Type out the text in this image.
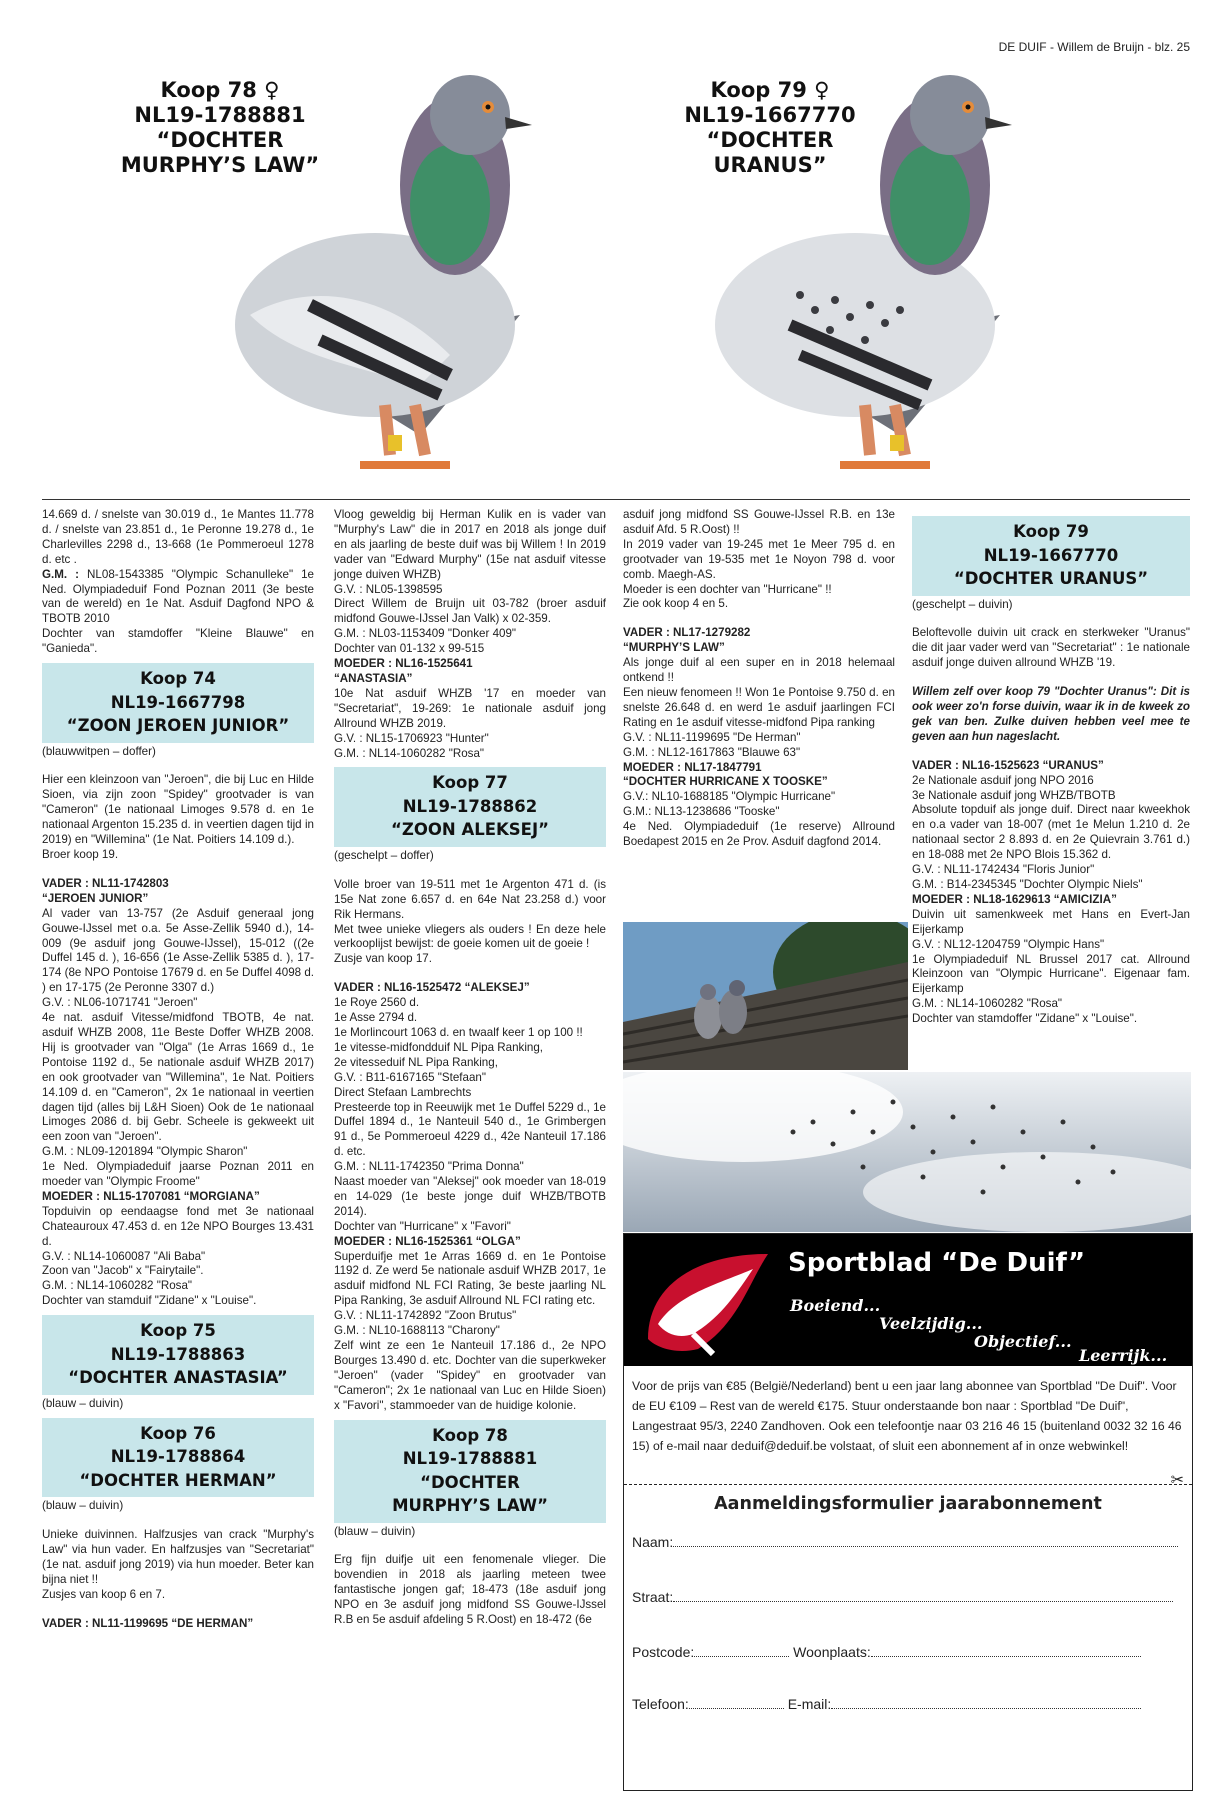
DE DUIF - Willem de Bruijn - blz. 25
Koop 78 ♀
NL19-1788881
“DOCHTER
MURPHY’S LAW”
Koop 79 ♀
NL19-1667770
“DOCHTER
URANUS”

14.669 d. / snelste van 30.019 d., 1e Mantes 11.778 d. / snelste van 23.851 d., 1e Peronne 19.278 d., 1e Charlevilles 2298 d., 13-668 (1e Pommeroeul 1278 d. etc .

G.M. : NL08-1543385 "Olympic Schanulleke" 1e Ned. Olympiadeduif Fond Poznan 2011 (3e beste van de wereld) en 1e Nat. Asduif Dagfond NPO & TBOTB 2010

Dochter van stamdoffer "Kleine Blauwe" en "Ganieda".

Koop 74
NL19-1667798
“ZOON JEROEN JUNIOR”

(blauwwitpen – doffer)

Hier een kleinzoon van "Jeroen", die bij Luc en Hilde Sioen, via zijn zoon "Spidey" grootvader is van "Cameron" (1e nationaal Limoges 9.578 d. en 1e nationaal Argenton 15.235 d. in veertien dagen tijd in 2019) en "Willemina" (1e Nat. Poitiers 14.109 d.).

Broer koop 19.

VADER : NL11-1742803

“JEROEN JUNIOR”

Al vader van 13-757 (2e Asduif generaal jong Gouwe-IJssel met o.a. 5e Asse-Zellik 5940 d.), 14-009 (9e asduif jong Gouwe-IJssel), 15-012 ((2e Duffel 145 d. ), 16-656 (1e Asse-Zellik 5385 d. ), 17-174 (8e NPO Pontoise 17679 d. en 5e Duffel 4098 d. ) en 17-175 (2e Peronne 3307 d.)

G.V. : NL06-1071741 "Jeroen"

4e nat. asduif Vitesse/midfond TBOTB, 4e nat. asduif WHZB 2008, 11e Beste Doffer WHZB 2008. Hij is grootvader van "Olga" (1e Arras 1669 d., 1e Pontoise 1192 d., 5e nationale asduif WHZB 2017) en ook grootvader van "Willemina", 1e Nat. Poitiers 14.109 d. en "Cameron", 2x 1e nationaal in veertien dagen tijd (alles bij L&H Sioen) Ook de 1e nationaal Limoges 2086 d. bij Gebr. Scheele is gekweekt uit een zoon van "Jeroen".

G.M. : NL09-1201894 "Olympic Sharon"

1e Ned. Olympiadeduif jaarse Poznan 2011 en moeder van "Olympic Froome"

MOEDER : NL15-1707081 “MORGIANA”

Topduivin op eendaagse fond met 3e nationaal Chateauroux 47.453 d. en 12e NPO Bourges 13.431 d.

G.V. : NL14-1060087 "Ali Baba"

Zoon van "Jacob" x "Fairytaile".

G.M. : NL14-1060282 "Rosa"

Dochter van stamduif "Zidane" x "Louise".

Koop 75
NL19-1788863
“DOCHTER ANASTASIA”

(blauw – duivin)

Koop 76
NL19-1788864
“DOCHTER HERMAN”

(blauw – duivin)

Unieke duivinnen. Halfzusjes van crack "Murphy's Law" via hun vader. En halfzusjes van "Secretariat" (1e nat. asduif jong 2019) via hun moeder. Beter kan bijna niet !!

Zusjes van koop 6 en 7.

VADER : NL11-1199695 “DE HERMAN”

Vloog geweldig bij Herman Kulik en is vader van "Murphy's Law" die in 2017 en 2018 als jonge duif en als jaarling de beste duif was bij Willem ! In 2019 vader van "Edward Murphy" (15e nat asduif vitesse jonge duiven WHZB)

G.V. : NL05-1398595

Direct Willem de Bruijn uit 03-782 (broer asduif midfond Gouwe-IJssel Jan Valk) x 02-359.

G.M. : NL03-1153409 "Donker 409"

Dochter van 01-132 x 99-515

MOEDER : NL16-1525641

“ANASTASIA”

10e Nat asduif WHZB '17 en moeder van "Secretariat", 19-269: 1e nationale asduif jong Allround WHZB 2019.

G.V. : NL15-1706923 "Hunter"

G.M. : NL14-1060282 "Rosa"

Koop 77
NL19-1788862
“ZOON ALEKSEJ”

(geschelpt – doffer)

Volle broer van 19-511 met 1e Argenton 471 d. (is 15e Nat zone 6.657 d. en 64e Nat 23.258 d.) voor Rik Hermans.

Met twee unieke vliegers als ouders ! En deze hele verkooplijst bewijst: de goeie komen uit de goeie !

Zusje van koop 17.

VADER : NL16-1525472 “ALEKSEJ”

1e Roye 2560 d.

1e Asse 2794 d.

1e Morlincourt 1063 d. en twaalf keer 1 op 100 !!

1e vitesse-midfondduif NL Pipa Ranking,

2e vitesseduif NL Pipa Ranking,

G.V. : B11-6167165 "Stefaan"

Direct Stefaan Lambrechts

Presteerde top in Reeuwijk met 1e Duffel 5229 d., 1e Duffel 1894 d., 1e Nanteuil 540 d., 1e Grimbergen 91 d., 5e Pommeroeul 4229 d., 42e Nanteuil 17.186 d. etc.

G.M. : NL11-1742350 "Prima Donna"

Naast moeder van "Aleksej" ook moeder van 18-019 en 14-029 (1e beste jonge duif WHZB/TBOTB 2014).

Dochter van "Hurricane" x "Favori"

MOEDER : NL16-1525361 “OLGA”

Superduifje met 1e Arras 1669 d. en 1e Pontoise 1192 d. Ze werd 5e nationale asduif WHZB 2017, 1e asduif midfond NL FCI Rating, 3e beste jaarling NL Pipa Ranking, 3e asduif Allround NL FCI rating etc.

G.V. : NL11-1742892 "Zoon Brutus"

G.M. : NL10-1688113 "Charony"

Zelf wint ze een 1e Nanteuil 17.186 d., 2e NPO Bourges 13.490 d. etc. Dochter van die superkweker "Jeroen" (vader "Spidey" en grootvader van "Cameron"; 2x 1e nationaal van Luc en Hilde Sioen) x "Favori", stammoeder van de huidige kolonie.

Koop 78
NL19-1788881
“DOCHTER
MURPHY’S LAW”

(blauw – duivin)

Erg fijn duifje uit een fenomenale vlieger. Die bovendien in 2018 als jaarling meteen twee fantastische jongen gaf; 18-473 (18e asduif jong NPO en 3e asduif jong midfond SS Gouwe-IJssel R.B en 5e asduif afdeling 5 R.Oost) en 18-472 (6e

asduif jong midfond SS Gouwe-IJssel R.B. en 13e asduif Afd. 5 R.Oost) !!

In 2019 vader van 19-245 met 1e Meer 795 d. en grootvader van 19-535 met 1e Noyon 798 d. voor comb. Maegh-AS.

Moeder is een dochter van "Hurricane" !!

Zie ook koop 4 en 5.

VADER : NL17-1279282

“MURPHY’S LAW”

Als jonge duif al een super en in 2018 helemaal ontkend !!

Een nieuw fenomeen !! Won 1e Pontoise 9.750 d. en snelste 26.648 d. en werd 1e asduif jaarlingen FCI Rating en 1e asduif vitesse-midfond Pipa ranking

G.V. : NL11-1199695 "De Herman"

G.M. : NL12-1617863 "Blauwe 63"

MOEDER : NL17-1847791

“DOCHTER HURRICANE X TOOSKE”

G.V.: NL10-1688185 "Olympic Hurricane"

G.M.: NL13-1238686 "Tooske"

4e Ned. Olympiadeduif (1e reserve) Allround Boedapest 2015 en 2e Prov. Asduif dagfond 2014.

Koop 79
NL19-1667770
“DOCHTER URANUS”

(geschelpt – duivin)

Beloftevolle duivin uit crack en sterkweker "Uranus" die dit jaar vader werd van "Secretariat" : 1e nationale asduif jonge duiven allround WHZB '19.

Willem zelf over koop 79 "Dochter Uranus": Dit is ook weer zo'n forse duivin, waar ik in de kweek zo gek van ben. Zulke duiven hebben veel mee te geven aan hun nageslacht.

VADER : NL16-1525623 “URANUS”

2e Nationale asduif jong NPO 2016

3e Nationale asduif jong WHZB/TBOTB

Absolute topduif als jonge duif. Direct naar kweekhok en o.a vader van 18-007 (met 1e Melun 1.210 d. 2e nationaal sector 2 8.893 d. en 2e Quievrain 3.761 d.) en 18-088 met 2e NPO Blois 15.362 d.

G.V. : NL11-1742434 "Floris Junior"

G.M. : B14-2345345 "Dochter Olympic Niels"

MOEDER : NL18-1629613 “AMICIZIA”

Duivin uit samenkweek met Hans en Evert-Jan Eijerkamp

G.V. : NL12-1204759 "Olympic Hans"

1e Olympiadeduif NL Brussel 2017 cat. Allround Kleinzoon van "Olympic Hurricane". Eigenaar fam. Eijerkamp

G.M. : NL14-1060282 "Rosa"

Dochter van stamdoffer "Zidane" x "Louise".

Sportblad “De Duif”
Boeiend...
Veelzijdig...
Objectief...
Leerrijk...
Voor de prijs van €85 (België/Nederland) bent u een jaar lang abonnee van Sportblad "De Duif". Voor de EU €109 – Rest van de wereld €175. Stuur onderstaande bon naar : Sportblad "De Duif", Langestraat 95/3, 2240 Zandhoven. Ook een telefoontje naar 03 216 46 15 (buitenland 0032 32 16 46 15) of e-mail naar deduif@deduif.be volstaat, of sluit een abonnement af in onze webwinkel!
✂
Aanmeldingsformulier jaarabonnement
Naam:
Straat:
Postcode:	Woonplaats:
Telefoon:	E-mail:
